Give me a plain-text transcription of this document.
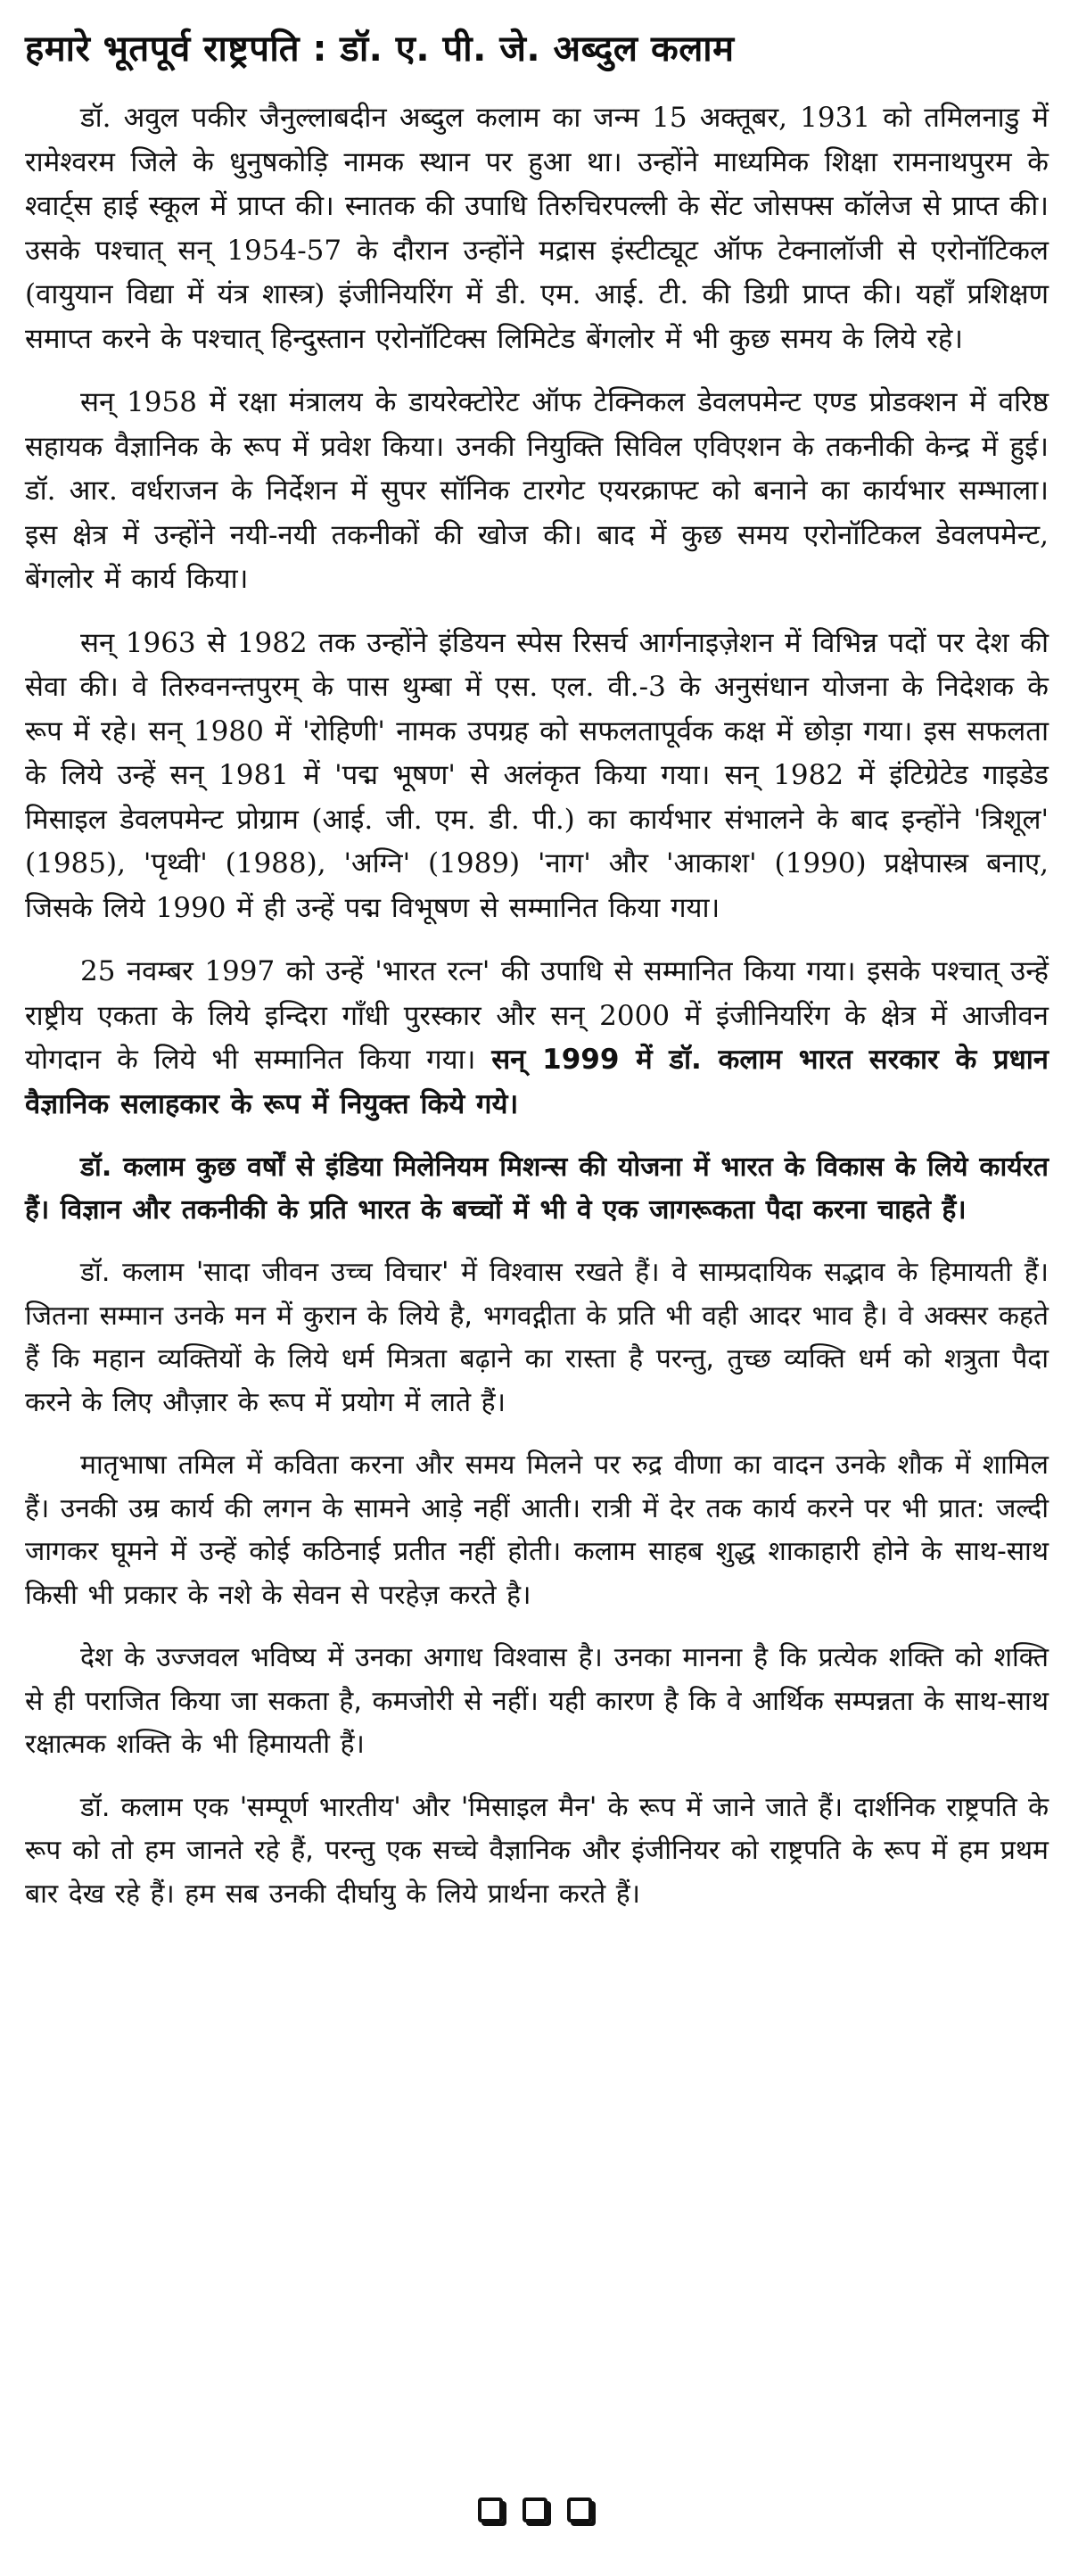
हमारे भूतपूर्व राष्ट्रपति : डॉ. ए. पी. जे. अब्दुल कलाम

डॉ. अवुल पकीर जैनुल्लाबदीन अब्दुल कलाम का जन्म 15 अक्तूबर, 1931 को तमिलनाडु में रामेश्वरम जिले के धुनुषकोड़ि नामक स्थान पर हुआ था। उन्होंने माध्यमिक शिक्षा रामनाथपुरम के श्वार्ट्स हाई स्कूल में प्राप्त की। स्नातक की उपाधि तिरुचिरपल्ली के सेंट जोसफ्स कॉलेज से प्राप्त की। उसके पश्चात् सन् 1954-57 के दौरान उन्होंने मद्रास इंस्टीट्यूट ऑफ टेक्नालॉजी से एरोनॉटिकल (वायुयान विद्या में यंत्र शास्त्र) इंजीनियरिंग में डी. एम. आई. टी. की डिग्री प्राप्त की। यहाँ प्रशिक्षण समाप्त करने के पश्चात् हिन्दुस्तान एरोनॉटिक्स लिमिटेड बेंगलोर में भी कुछ समय के लिये रहे।

सन् 1958 में रक्षा मंत्रालय के डायरेक्टोरेट ऑफ टेक्निकल डेवलपमेन्ट एण्ड प्रोडक्शन में वरिष्ठ सहायक वैज्ञानिक के रूप में प्रवेश किया। उनकी नियुक्ति सिविल एविएशन के तकनीकी केन्द्र में हुई। डॉ. आर. वर्धराजन के निर्देशन में सुपर सॉनिक टारगेट एयरक्राफ्ट को बनाने का कार्यभार सम्भाला। इस क्षेत्र में उन्होंने नयी-नयी तकनीकों की खोज की। बाद में कुछ समय एरोनॉटिकल डेवलपमेन्ट, बेंगलोर में कार्य किया।

सन् 1963 से 1982 तक उन्होंने इंडियन स्पेस रिसर्च आर्गनाइज़ेशन में विभिन्न पदों पर देश की सेवा की। वे तिरुवनन्तपुरम् के पास थुम्बा में एस. एल. वी.-3 के अनुसंधान योजना के निदेशक के रूप में रहे। सन् 1980 में 'रोहिणी' नामक उपग्रह को सफलतापूर्वक कक्ष में छोड़ा गया। इस सफलता के लिये उन्हें सन् 1981 में 'पद्म भूषण' से अलंकृत किया गया। सन् 1982 में इंटिग्रेटेड गाइडेड मिसाइल डेवलपमेन्ट प्रोग्राम (आई. जी. एम. डी. पी.) का कार्यभार संभालने के बाद इन्होंने 'त्रिशूल' (1985), 'पृथ्वी' (1988), 'अग्नि' (1989) 'नाग' और 'आकाश' (1990) प्रक्षेपास्त्र बनाए, जिसके लिये 1990 में ही उन्हें पद्म विभूषण से सम्मानित किया गया।

25 नवम्बर 1997 को उन्हें 'भारत रत्न' की उपाधि से सम्मानित किया गया। इसके पश्चात् उन्हें राष्ट्रीय एकता के लिये इन्दिरा गाँधी पुरस्कार और सन् 2000 में इंजीनियरिंग के क्षेत्र में आजीवन योगदान के लिये भी सम्मानित किया गया। सन् 1999 में डॉ. कलाम भारत सरकार के प्रधान वैज्ञानिक सलाहकार के रूप में नियुक्त किये गये।

डॉ. कलाम कुछ वर्षों से इंडिया मिलेनियम मिशन्स की योजना में भारत के विकास के लिये कार्यरत हैं। विज्ञान और तकनीकी के प्रति भारत के बच्चों में भी वे एक जागरूकता पैदा करना चाहते हैं।

डॉ. कलाम 'सादा जीवन उच्च विचार' में विश्वास रखते हैं। वे साम्प्रदायिक सद्भाव के हिमायती हैं। जितना सम्मान उनके मन में कुरान के लिये है, भगवद्गीता के प्रति भी वही आदर भाव है। वे अक्सर कहते हैं कि महान व्यक्तियों के लिये धर्म मित्रता बढ़ाने का रास्ता है परन्तु, तुच्छ व्यक्ति धर्म को शत्रुता पैदा करने के लिए औज़ार के रूप में प्रयोग में लाते हैं।

मातृभाषा तमिल में कविता करना और समय मिलने पर रुद्र वीणा का वादन उनके शौक में शामिल हैं। उनकी उम्र कार्य की लगन के सामने आड़े नहीं आती। रात्री में देर तक कार्य करने पर भी प्रात: जल्दी जागकर घूमने में उन्हें कोई कठिनाई प्रतीत नहीं होती। कलाम साहब शुद्ध शाकाहारी होने के साथ-साथ किसी भी प्रकार के नशे के सेवन से परहेज़ करते है।

देश के उज्जवल भविष्य में उनका अगाध विश्वास है। उनका मानना है कि प्रत्येक शक्ति को शक्ति से ही पराजित किया जा सकता है, कमजोरी से नहीं। यही कारण है कि वे आर्थिक सम्पन्नता के साथ-साथ रक्षात्मक शक्ति के भी हिमायती हैं।

डॉ. कलाम एक 'सम्पूर्ण भारतीय' और 'मिसाइल मैन' के रूप में जाने जाते हैं। दार्शनिक राष्ट्रपति के रूप को तो हम जानते रहे हैं, परन्तु एक सच्चे वैज्ञानिक और इंजीनियर को राष्ट्रपति के रूप में हम प्रथम बार देख रहे हैं। हम सब उनकी दीर्घायु के लिये प्रार्थना करते हैं।
